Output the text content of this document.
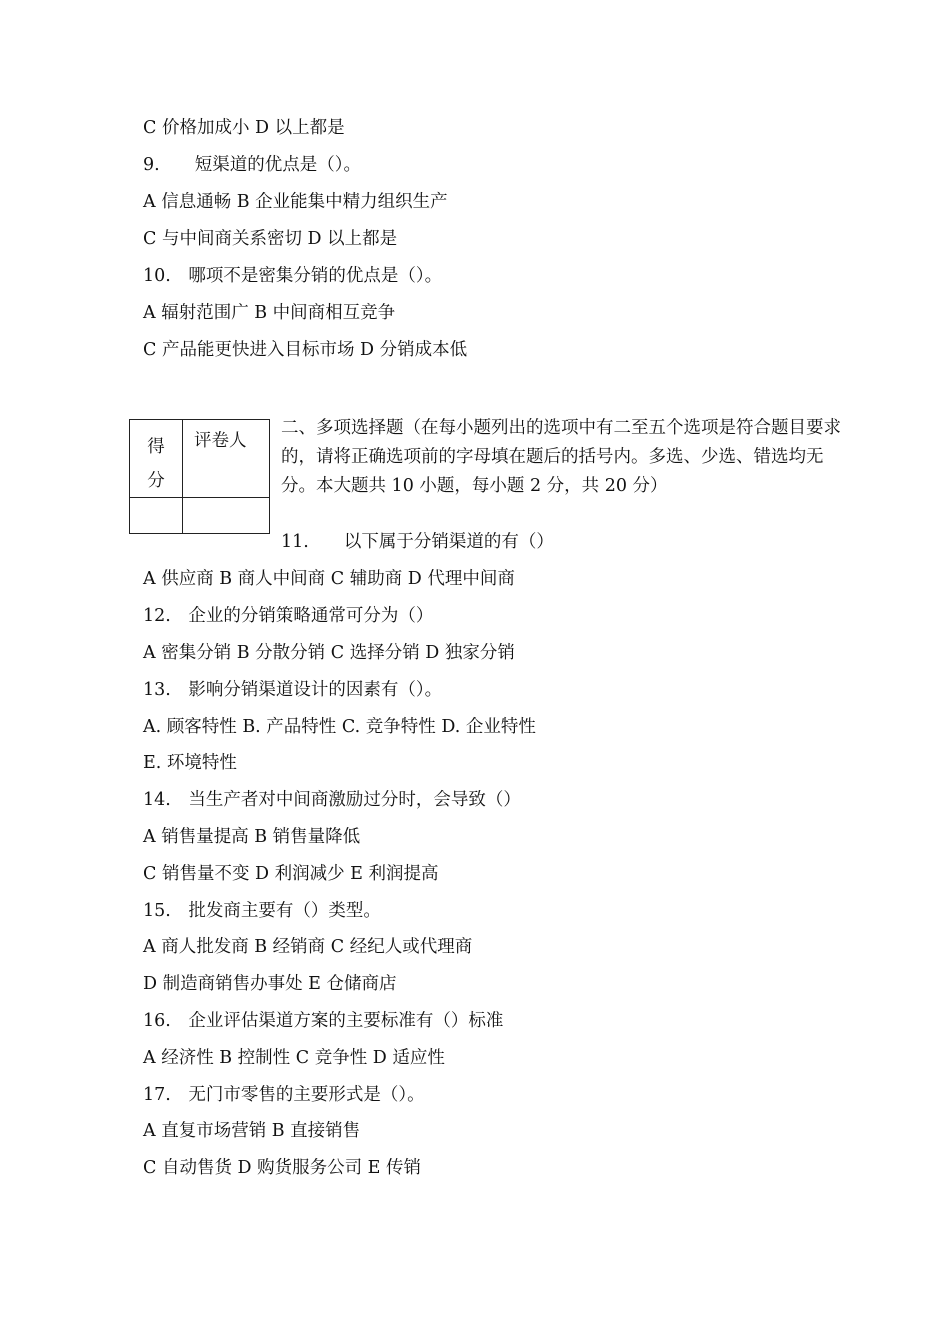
C 价格加成小 D 以上都是
9.　　短渠道的优点是（）。
A 信息通畅 B 企业能集中精力组织生产
C 与中间商关系密切 D 以上都是
10.　哪项不是密集分销的优点是（）。
A 辐射范围广 B 中间商相互竞争
C 产品能更快进入目标市场 D 分销成本低
得分
评卷人
二、多项选择题（在每小题列出的选项中有二至五个选项是符合题目要求的，请将正确选项前的字母填在题后的括号内。多选、少选、错选均无分。本大题共 10 小题，每小题 2 分，共 20 分）
11.　　以下属于分销渠道的有（）
A 供应商 B 商人中间商 C 辅助商 D 代理中间商
12.　企业的分销策略通常可分为（）
A 密集分销 B 分散分销 C 选择分销 D 独家分销
13.　影响分销渠道设计的因素有（）。
A. 顾客特性 B. 产品特性 C. 竞争特性 D. 企业特性
E. 环境特性
14.　当生产者对中间商激励过分时，会导致（）
A 销售量提高 B 销售量降低
C 销售量不变 D 利润减少 E 利润提高
15.　批发商主要有（）类型。
A 商人批发商 B 经销商 C 经纪人或代理商
D 制造商销售办事处 E 仓储商店
16.　企业评估渠道方案的主要标准有（）标准
A 经济性 B 控制性 C 竞争性 D 适应性
17.　无门市零售的主要形式是（）。
A 直复市场营销 B 直接销售
C 自动售货 D 购货服务公司 E 传销
